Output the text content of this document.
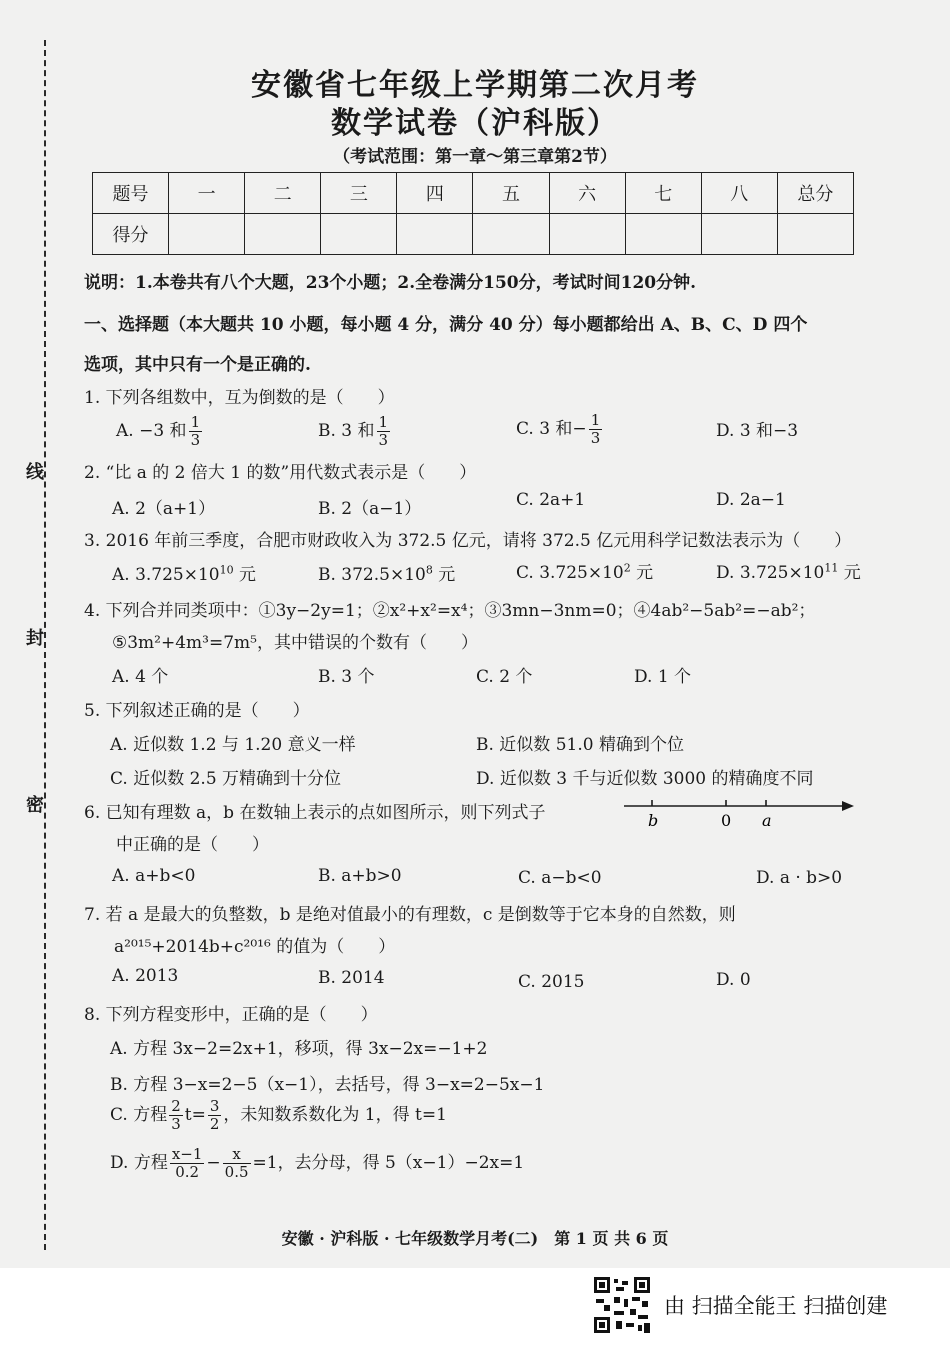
线
封
密
安徽省七年级上学期第二次月考
数学试卷（沪科版）
（考试范围：第一章～第三章第2节）
题号	一	二	三	四	五	六	七	八	总分
得分									
说明：1.本卷共有八个大题，23个小题；2.全卷满分150分，考试时间120分钟.
一、选择题（本大题共 10 小题，每小题 4 分，满分 40 分）每小题都给出 A、B、C、D 四个
选项，其中只有一个是正确的.
1. 下列各组数中，互为倒数的是（　　）
A. −3 和 $\frac{1}{3}$	B. 3 和 $\frac{1}{3}$	C. 3 和− $\frac{1}{3}$	D. 3 和−3
2. “比 a 的 2 倍大 1 的数”用代数式表示是（　　）
A. 2（a+1）	B. 2（a−1）	C. 2a+1	D. 2a−1
3. 2016 年前三季度，合肥市财政收入为 372.5 亿元，请将 372.5 亿元用科学记数法表示为（　　）
A. $3.725\times 10^{10}$ 元	B. $372.5\times 10^8$ 元	C. $3.725\times 10^2$ 元	D. $3.725\times 10^{11}$ 元
4. 下列合并同类项中：①3y−2y=1；②x²+x²=x⁴；③3mn−3nm=0；④4ab²−5ab²=−ab²；
⑤3m²+4m³=7m⁵，其中错误的个数有（　　）
A. 4 个	B. 3 个	C. 2 个	D. 1 个
5. 下列叙述正确的是（　　）
A. 近似数 1.2 与 1.20 意义一样	B. 近似数 51.0 精确到个位
C. 近似数 2.5 万精确到十分位	D. 近似数 3 千与近似数 3000 的精确度不同
6. 已知有理数 a，b 在数轴上表示的点如图所示，则下列式子
中正确的是（　　）
b	0 a
A. a+b<0	B. a+b>0	C. a−b<0	D. a · b>0
7. 若 a 是最大的负整数，b 是绝对值最小的有理数，c 是倒数等于它本身的自然数，则
a²⁰¹⁵+2014b+c²⁰¹⁶ 的值为（　　）
A. 2013	B. 2014	C. 2015	D. 0
8. 下列方程变形中，正确的是（　　）
A. 方程 3x−2=2x+1，移项，得 3x−2x=−1+2
B. 方程 3−x=2−5（x−1），去括号，得 3−x=2−5x−1
C. 方程 $\frac{2}{3} t= \frac{3}{2}$ ，未知数系数化为 1，得 t=1
D. 方程 $\frac{x-1}{0.2} - \frac{x}{0.5} =1$，去分母，得 5（x−1）−2x=1
安徽 · 沪科版 · 七年级数学月考(二)　第 1 页 共 6 页
由 扫描全能王 扫描创建
